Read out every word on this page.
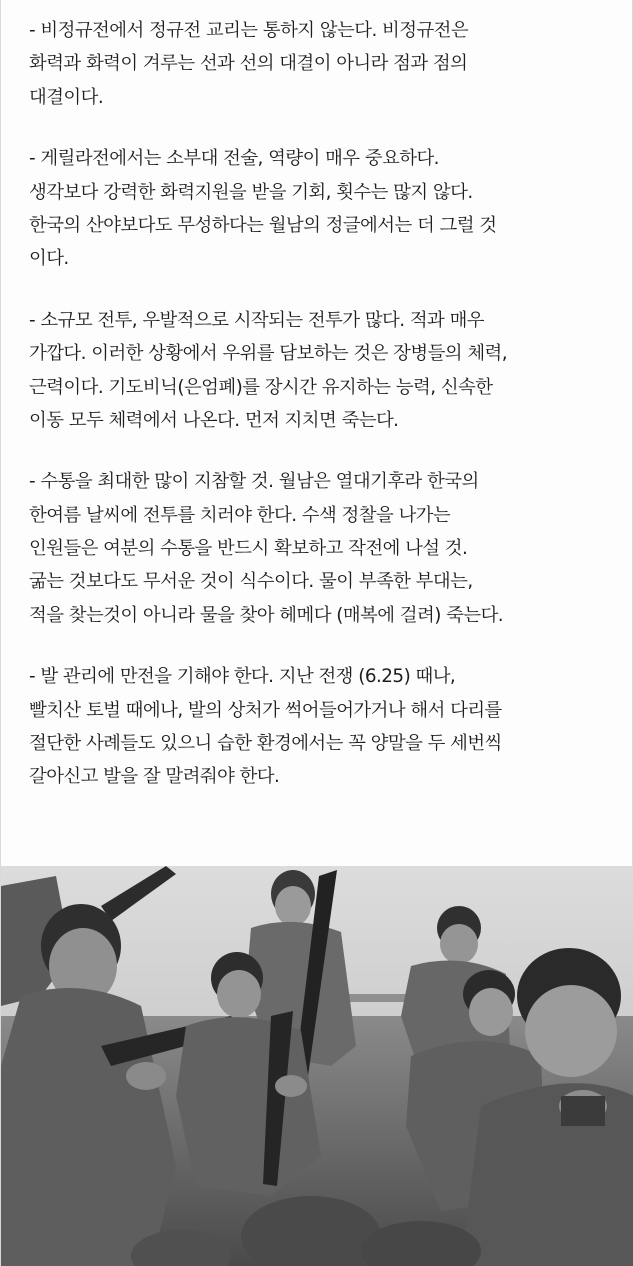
- 비정규전에서 정규전 교리는 통하지 않는다. 비정규전은
화력과 화력이 겨루는 선과 선의 대결이 아니라 점과 점의
대결이다.
- 게릴라전에서는 소부대 전술, 역량이 매우 중요하다.
생각보다 강력한 화력지원을 받을 기회, 횟수는 많지 않다.
한국의 산야보다도 무성하다는 월남의 정글에서는 더 그럴 것
이다.
- 소규모 전투, 우발적으로 시작되는 전투가 많다. 적과 매우
가깝다. 이러한 상황에서 우위를 담보하는 것은 장병들의 체력,
근력이다. 기도비닉(은엄폐)를 장시간 유지하는 능력, 신속한
이동 모두 체력에서 나온다. 먼저 지치면 죽는다.
- 수통을 최대한 많이 지참할 것. 월남은 열대기후라 한국의
한여름 날씨에 전투를 치러야 한다. 수색 정찰을 나가는
인원들은 여분의 수통을 반드시 확보하고 작전에 나설 것.
굶는 것보다도 무서운 것이 식수이다. 물이 부족한 부대는,
적을 찾는것이 아니라 물을 찾아 헤메다 (매복에 걸려) 죽는다.
- 발 관리에 만전을 기해야 한다. 지난 전쟁 (6.25) 때나,
빨치산 토벌 때에나, 발의 상처가 썩어들어가거나 해서 다리를
절단한 사례들도 있으니 습한 환경에서는 꼭 양말을 두 세번씩
갈아신고 발을 잘 말려줘야 한다.
